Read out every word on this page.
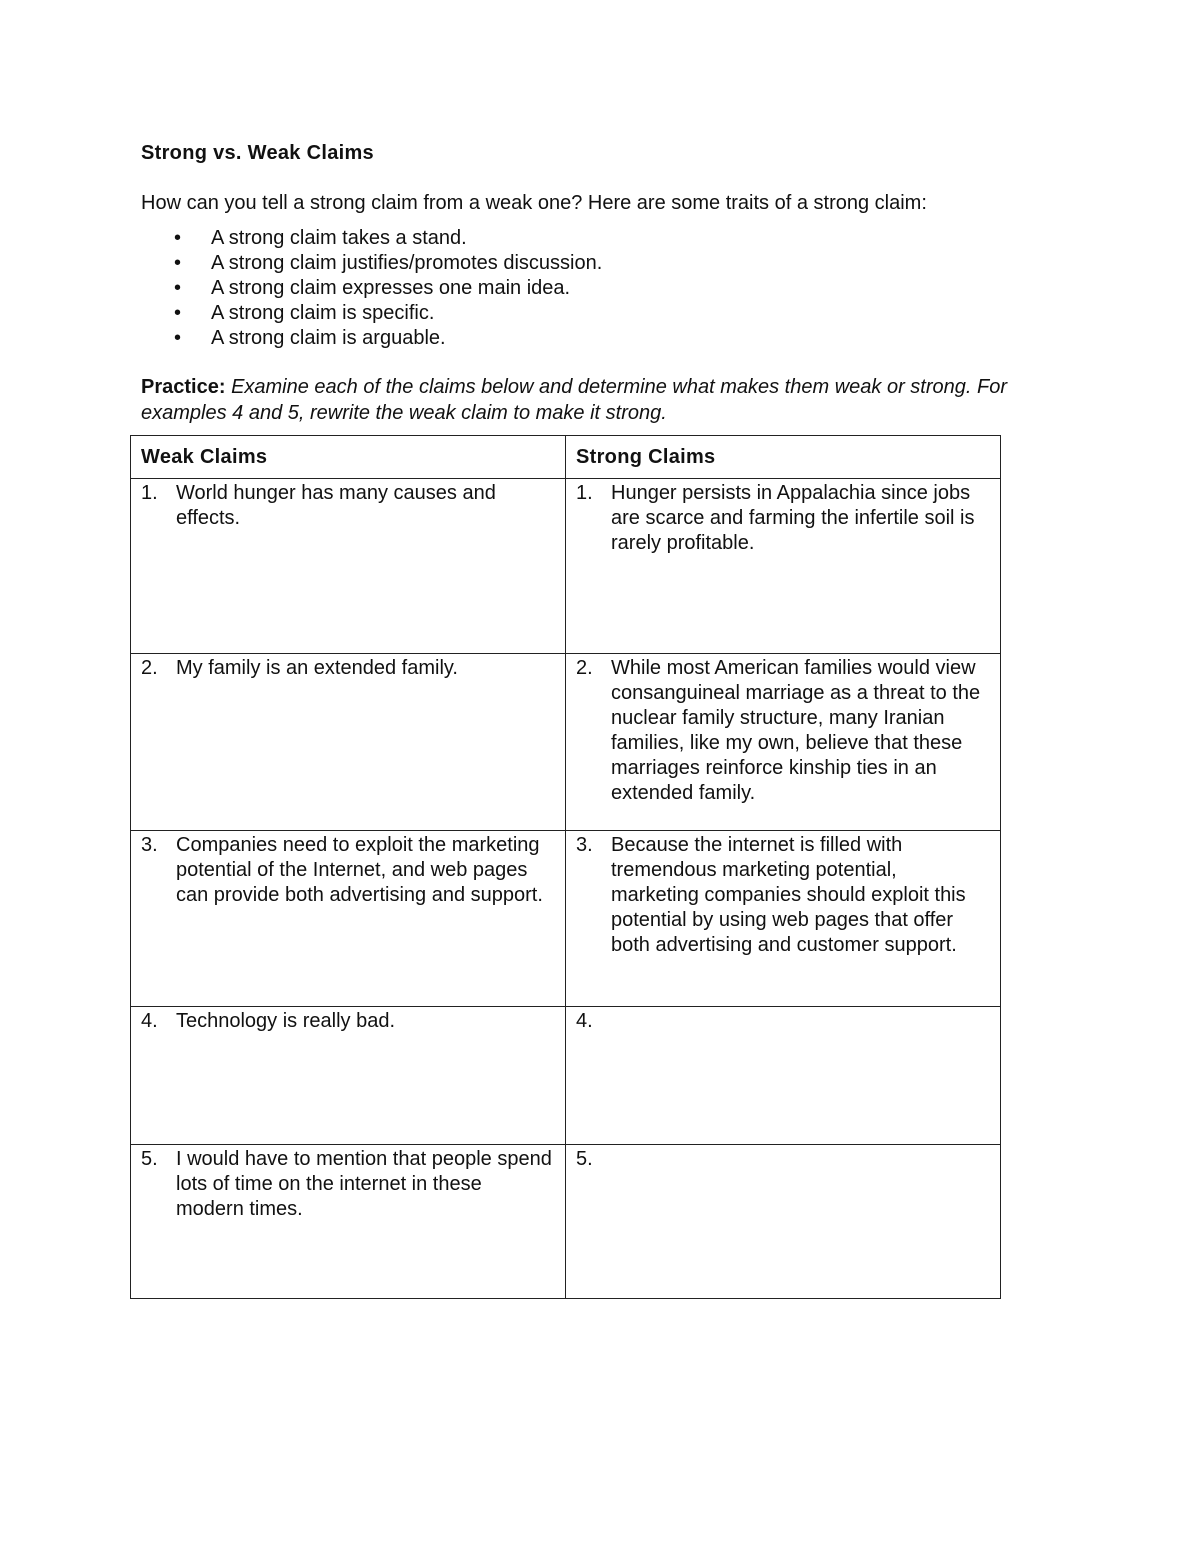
Strong vs. Weak Claims
How can you tell a strong claim from a weak one? Here are some traits of a strong claim:
• A strong claim takes a stand.
• A strong claim justifies/promotes discussion.
• A strong claim expresses one main idea.
• A strong claim is specific.
• A strong claim is arguable.
Practice: Examine each of the claims below and determine what makes them weak or strong. For examples 4 and 5, rewrite the weak claim to make it strong.
Weak Claims	Strong Claims

1. World hunger has many causes and effects.	1. Hunger persists in Appalachia since jobs are scarce and farming the infertile soil is rarely profitable.

2. My family is an extended family.	2. While most American families would view consanguineal marriage as a threat to the nuclear family structure, many Iranian families, like my own, believe that these marriages reinforce kinship ties in an extended family.

3. Companies need to exploit the marketing potential of the Internet, and web pages can provide both advertising and support.	3. Because the internet is filled with tremendous marketing potential, marketing companies should exploit this potential by using web pages that offer both advertising and customer support.

4. Technology is really bad.	4.

5. I would have to mention that people spend lots of time on the internet in these modern times.	5.
